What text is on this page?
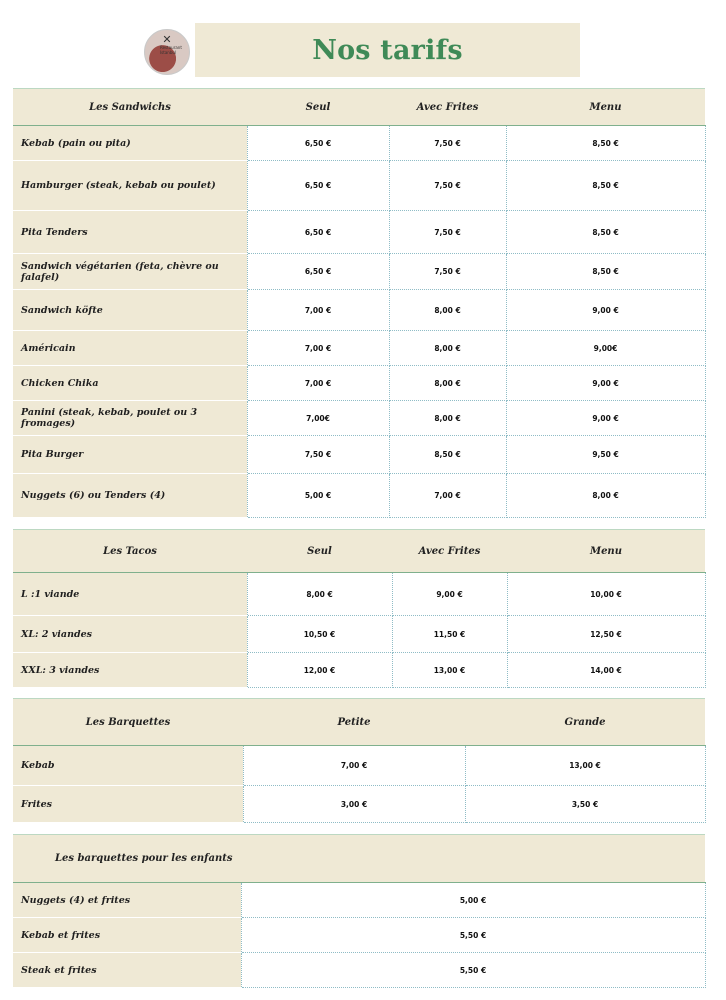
✕
Restaurant Istanbul	Nos tarifs
Les Sandwichs	Seul	Avec Frites	Menu
Kebab (pain ou pita)	6,50 €	7,50 €	8,50 €
Hamburger (steak, kebab ou poulet)	6,50 €	7,50 €	8,50 €
Pita Tenders	6,50 €	7,50 €	8,50 €
Sandwich végétarien (feta, chèvre ou falafel)	6,50 €	7,50 €	8,50 €
Sandwich köfte	7,00 €	8,00 €	9,00 €
Américain	7,00 €	8,00 €	9,00€
Chicken Chika	7,00 €	8,00 €	9,00 €
Panini (steak, kebab, poulet ou 3 fromages)	7,00€	8,00 €	9,00 €
Pita Burger	7,50 €	8,50 €	9,50 €
Nuggets (6) ou Tenders (4)	5,00 €	7,00 €	8,00 €
Les Tacos	Seul	Avec Frites	Menu
L :1 viande	8,00 €	9,00 €	10,00 €
XL: 2 viandes	10,50 €	11,50 €	12,50 €
XXL: 3 viandes	12,00 €	13,00 €	14,00 €
Les Barquettes	Petite	Grande
Kebab	7,00 €	13,00 €
Frites	3,00 €	3,50 €
Les barquettes pour les enfants	
Nuggets (4) et frites	5,00 €
Kebab et frites	5,50 €
Steak et frites	5,50 €
